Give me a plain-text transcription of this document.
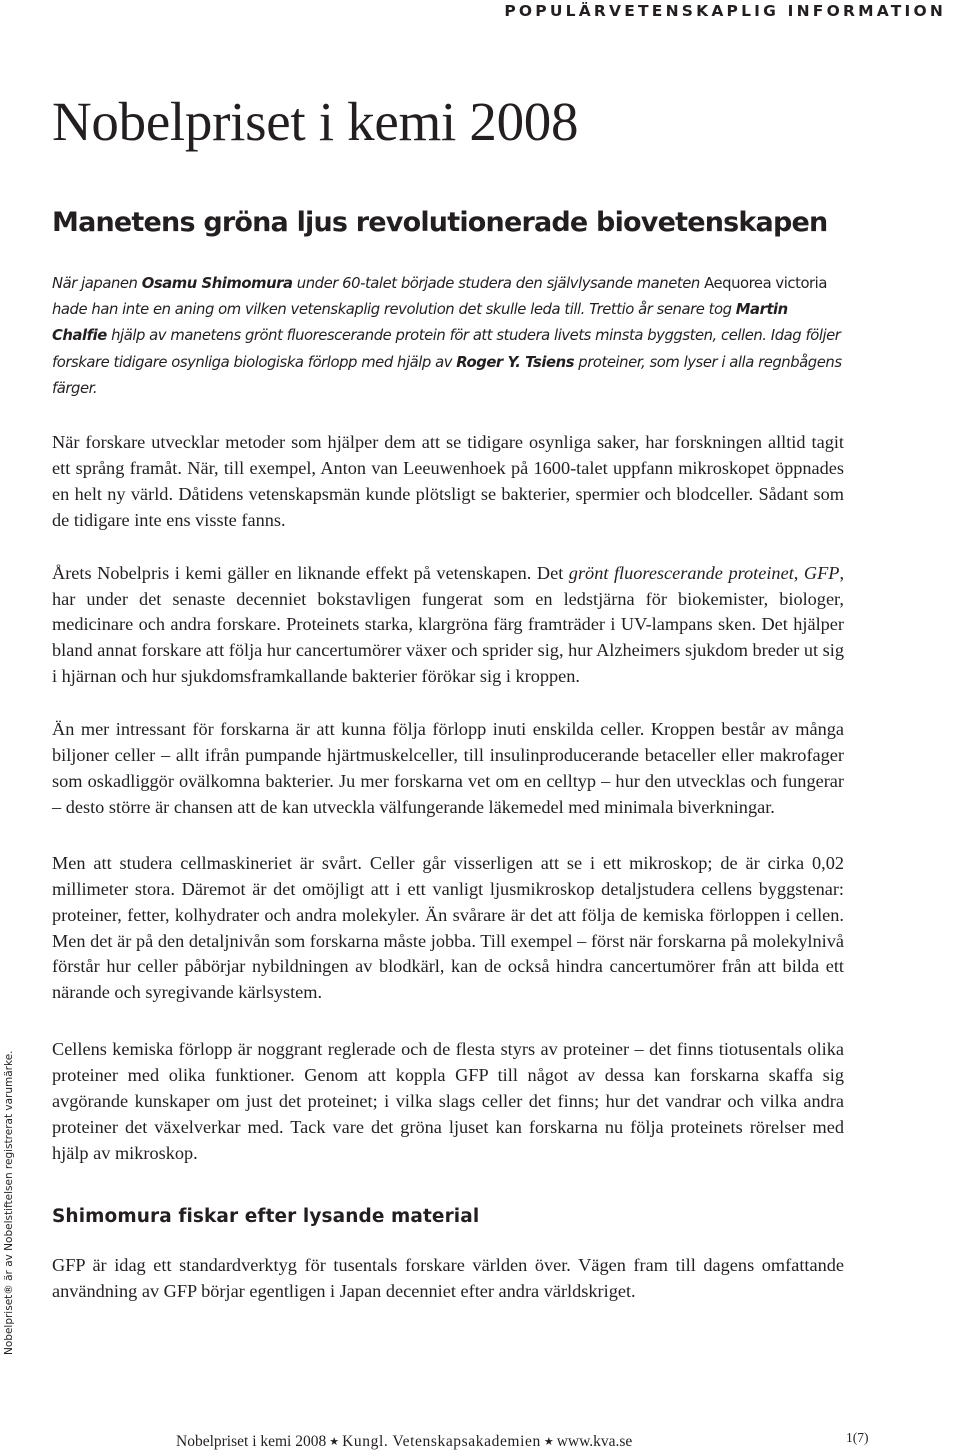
POPULÄRVETENSKAPLIG INFORMATION
Nobelpriset i kemi 2008
Manetens gröna ljus revolutionerade biovetenskapen

När japanen Osamu Shimomura under 60-talet började studera den självlysande maneten Aequorea victoria hade han inte en aning om vilken vetenskaplig revolution det skulle leda till. Trettio år senare tog Martin Chalfie hjälp av manetens grönt fluorescerande protein för att studera livets minsta byggsten, cellen. Idag följer forskare tidigare osynliga biologiska förlopp med hjälp av Roger Y. Tsiens proteiner, som lyser i alla regnbågens färger.

När forskare utvecklar metoder som hjälper dem att se tidigare osynliga saker, har forskningen alltid tagit ett språng framåt. När, till exempel, Anton van Leeuwenhoek på 1600-talet uppfann mikroskopet öppnades en helt ny värld. Dåtidens vetenskapsmän kunde plötsligt se bakterier, spermier och blodceller. Sådant som de tidigare inte ens visste fanns.

Årets Nobelpris i kemi gäller en liknande effekt på vetenskapen. Det grönt fluorescerande proteinet, GFP, har under det senaste decenniet bokstavligen fungerat som en ledstjärna för biokemister, biologer, medicinare och andra forskare. Proteinets starka, klargröna färg framträder i UV-lampans sken. Det hjälper bland annat forskare att följa hur cancertumörer växer och sprider sig, hur Alzheimers sjukdom breder ut sig i hjärnan och hur sjukdomsframkallande bakterier förökar sig i kroppen.

Än mer intressant för forskarna är att kunna följa förlopp inuti enskilda celler. Kroppen består av många biljoner celler – allt ifrån pumpande hjärtmuskelceller, till insulinproducerande betaceller eller makrofager som oskadliggör ovälkomna bakterier. Ju mer forskarna vet om en celltyp – hur den utvecklas och fungerar – desto större är chansen att de kan utveckla välfungerande läkemedel med minimala biverkningar.

Men att studera cellmaskineriet är svårt. Celler går visserligen att se i ett mikroskop; de är cirka 0,02 millimeter stora. Däremot är det omöjligt att i ett vanligt ljusmikroskop detaljstudera cellens byggstenar: proteiner, fetter, kolhydrater och andra molekyler. Än svårare är det att följa de kemiska förloppen i cellen. Men det är på den detaljnivån som forskarna måste jobba. Till exempel – först när forskarna på molekylnivå förstår hur celler påbörjar nybildningen av blodkärl, kan de också hindra cancertumörer från att bilda ett närande och syregivande kärlsystem.

Cellens kemiska förlopp är noggrant reglerade och de flesta styrs av proteiner – det finns tiotusentals olika proteiner med olika funktioner. Genom att koppla GFP till något av dessa kan forskarna skaffa sig avgörande kunskaper om just det proteinet; i vilka slags celler det finns; hur det vandrar och vilka andra proteiner det växelverkar med. Tack vare det gröna ljuset kan forskarna nu följa proteinets rörelser med hjälp av mikroskop.

Shimomura fiskar efter lysande material

GFP är idag ett standardverktyg för tusentals forskare världen över. Vägen fram till dagens omfattande användning av GFP börjar egentligen i Japan decenniet efter andra världskriget.

Nobelpriset® är av Nobelstiftelsen registrerat varumärke.
Nobelpriset i kemi 2008 ★ Kungl. Vetenskapsakademien ★ www.kva.se	1(7)
